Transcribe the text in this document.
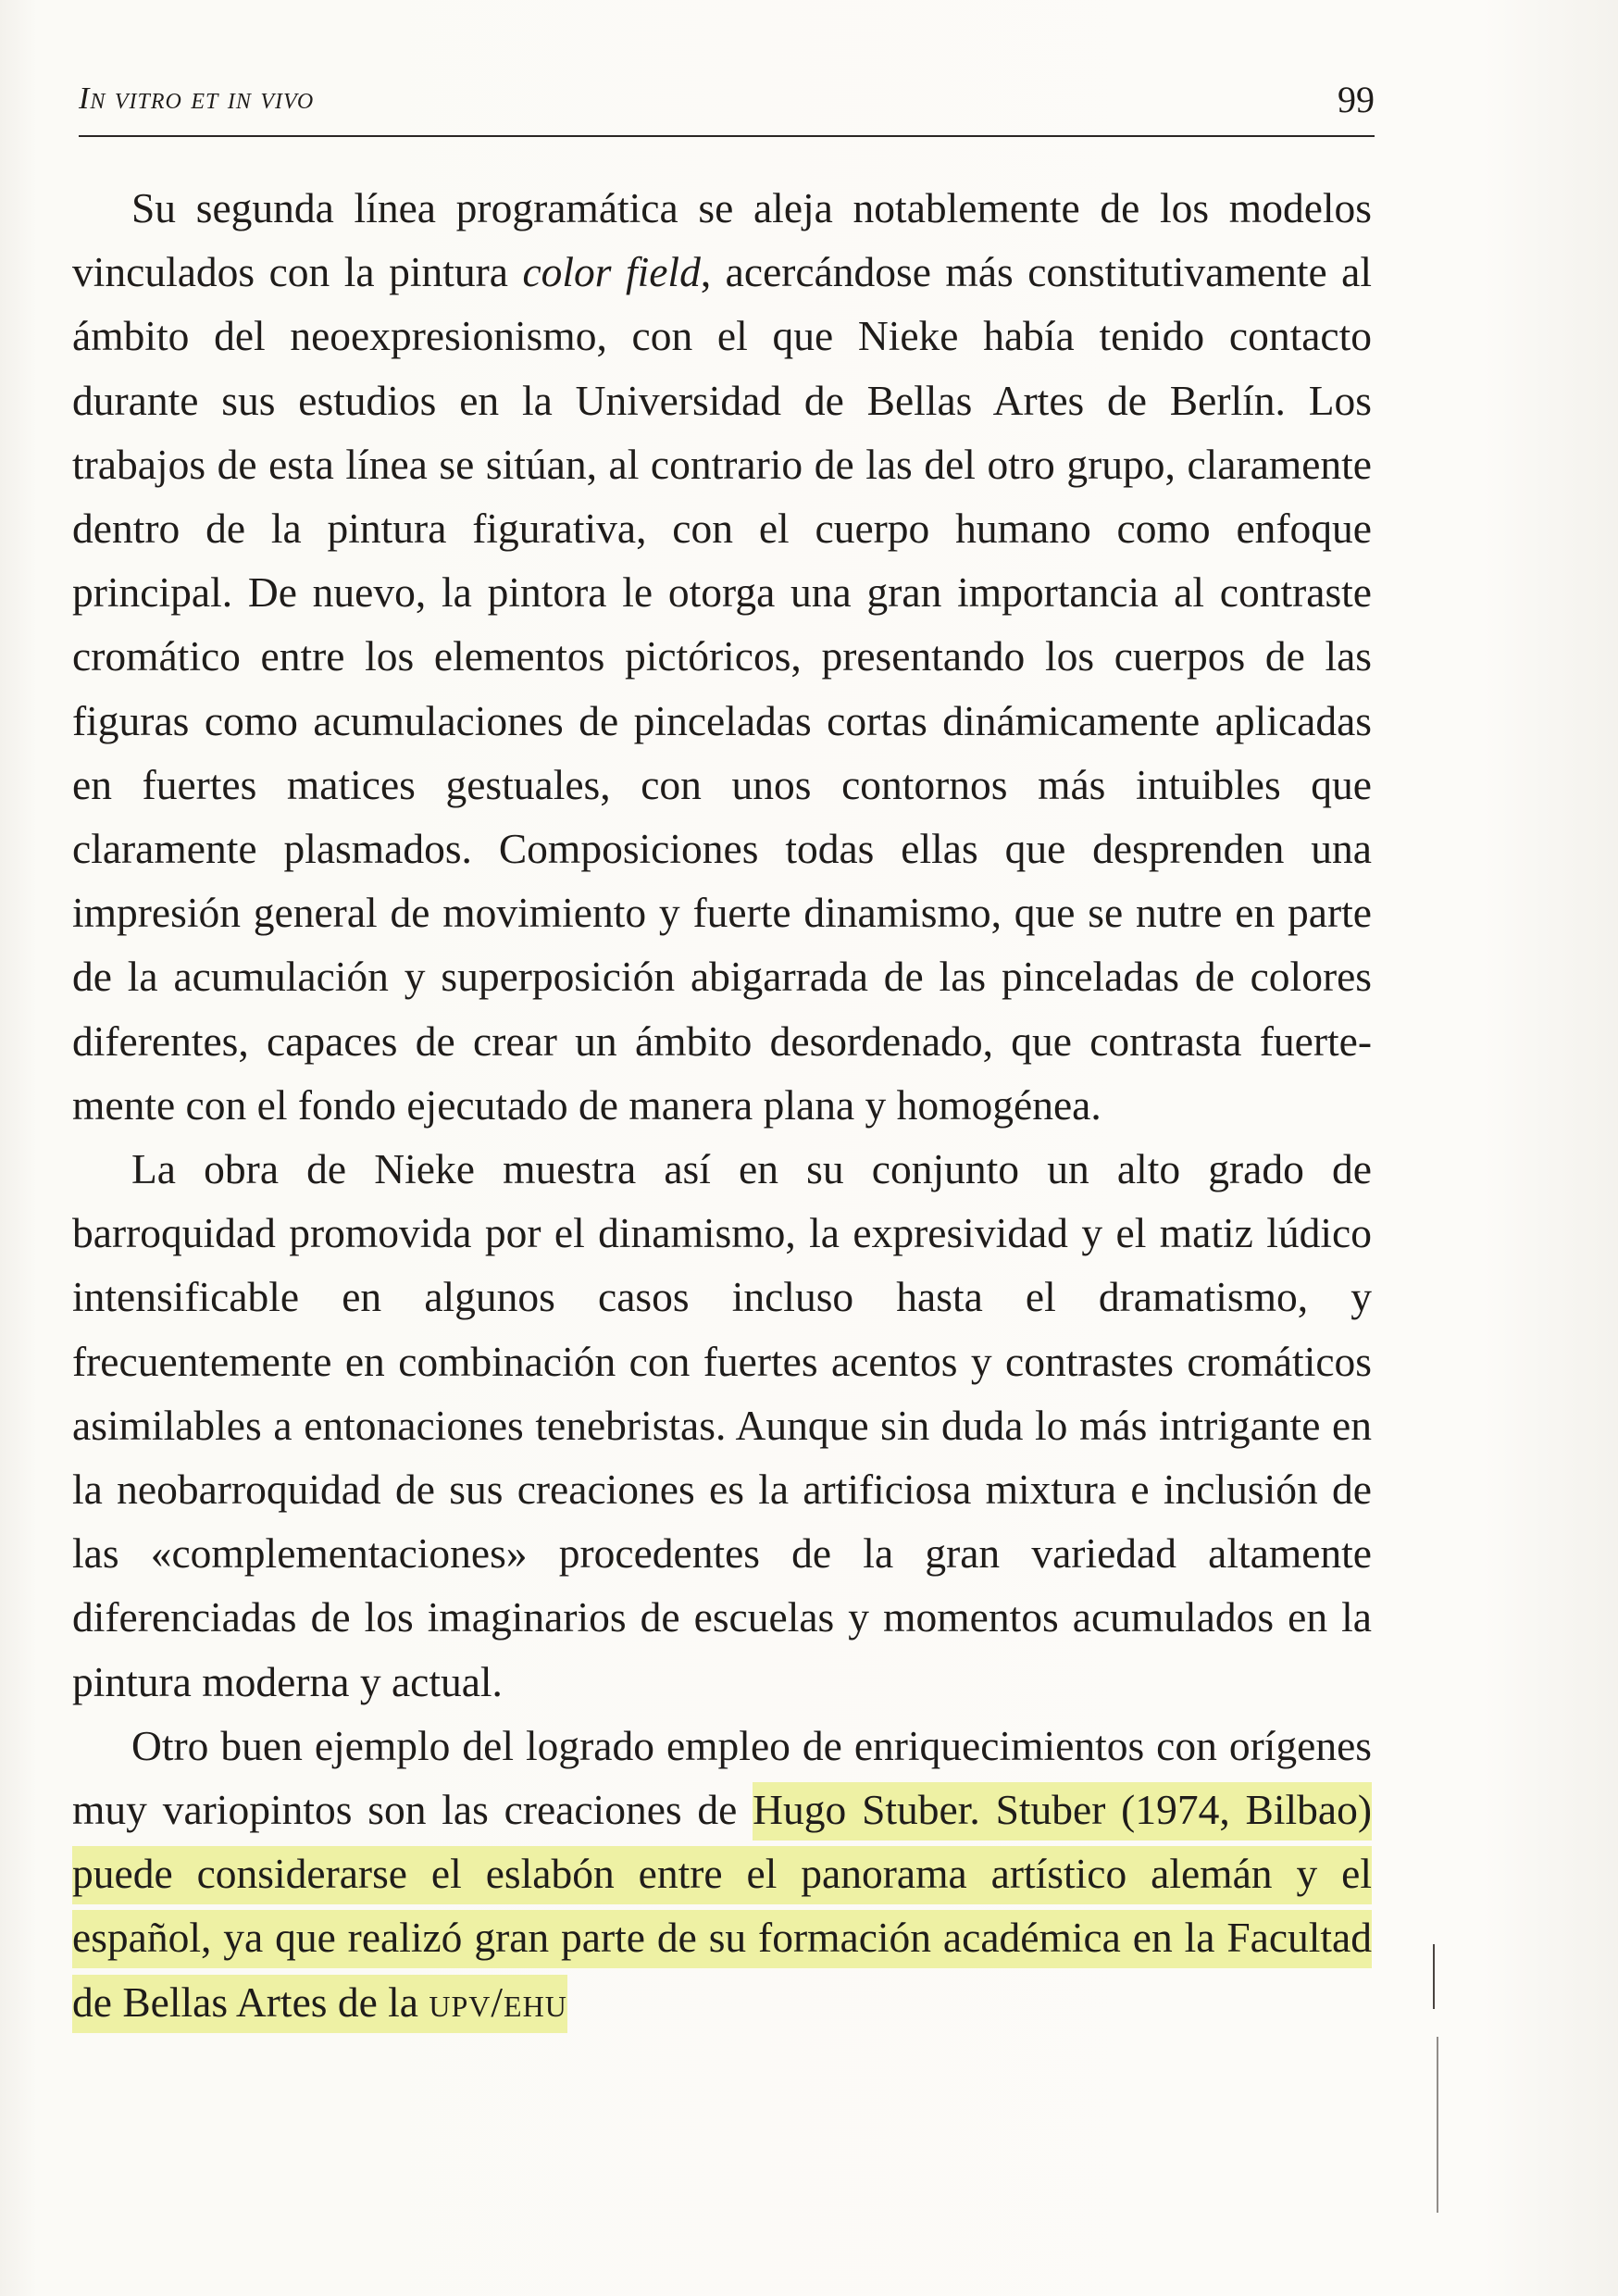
In vitro et in vivo	99

Su segunda línea programática se aleja notablemente de los modelos vinculados con la pintura color field, acercándose más constitutivamente al ámbito del neoexpresionismo, con el que Nieke había tenido contacto durante sus estudios en la Universidad de Bellas Artes de Berlín. Los trabajos de esta línea se sitúan, al contrario de las del otro grupo, claramente dentro de la pintura figurativa, con el cuerpo humano como enfoque principal. De nuevo, la pintora le otorga una gran importancia al contraste cromático entre los elementos pictóricos, presentando los cuerpos de las figuras como acumulaciones de pinceladas cortas dinámicamente aplicadas en fuertes matices gestuales, con unos contornos más intuibles que claramente plasmados. Composiciones todas ellas que desprenden una impresión general de movimiento y fuerte dinamismo, que se nutre en parte de la acumulación y superposición abigarrada de las pinceladas de colores diferentes, capaces de crear un ámbito desordenado, que contrasta fuertemente con el fondo ejecutado de manera plana y homogénea.

La obra de Nieke muestra así en su conjunto un alto grado de barroquidad promovida por el dinamismo, la expresividad y el matiz lúdico intensificable en algunos casos incluso hasta el dramatismo, y frecuentemente en combinación con fuertes acentos y contrastes cromáticos asimilables a entonaciones tenebristas. Aunque sin duda lo más intrigante en la neobarroquidad de sus creaciones es la artificiosa mixtura e inclusión de las «complementaciones» procedentes de la gran variedad altamente diferenciadas de los imaginarios de escuelas y momentos acumulados en la pintura moderna y actual.

Otro buen ejemplo del logrado empleo de enriquecimientos con orígenes muy variopintos son las creaciones de Hugo Stuber. Stuber (1974, Bilbao) puede considerarse el eslabón entre el panorama artístico alemán y el español, ya que realizó gran parte de su formación académica en la Facultad de Bellas Artes de la upv/ehu
